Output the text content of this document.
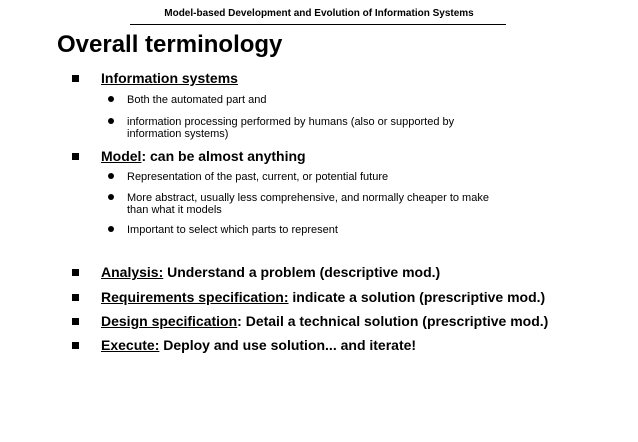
Model-based Development and Evolution of Information Systems
Overall terminology
Information systems
Both the automated part and
information processing performed by humans (also or supported by
information systems)
Model: can be almost anything
Representation of the past, current, or potential future
More abstract, usually less comprehensive, and normally cheaper to make
than what it models
Important to select which parts to represent
Analysis: Understand a problem (descriptive mod.)
Requirements specification: indicate a solution (prescriptive mod.)
Design specification: Detail a technical solution (prescriptive mod.)
Execute: Deploy and use solution... and iterate!
